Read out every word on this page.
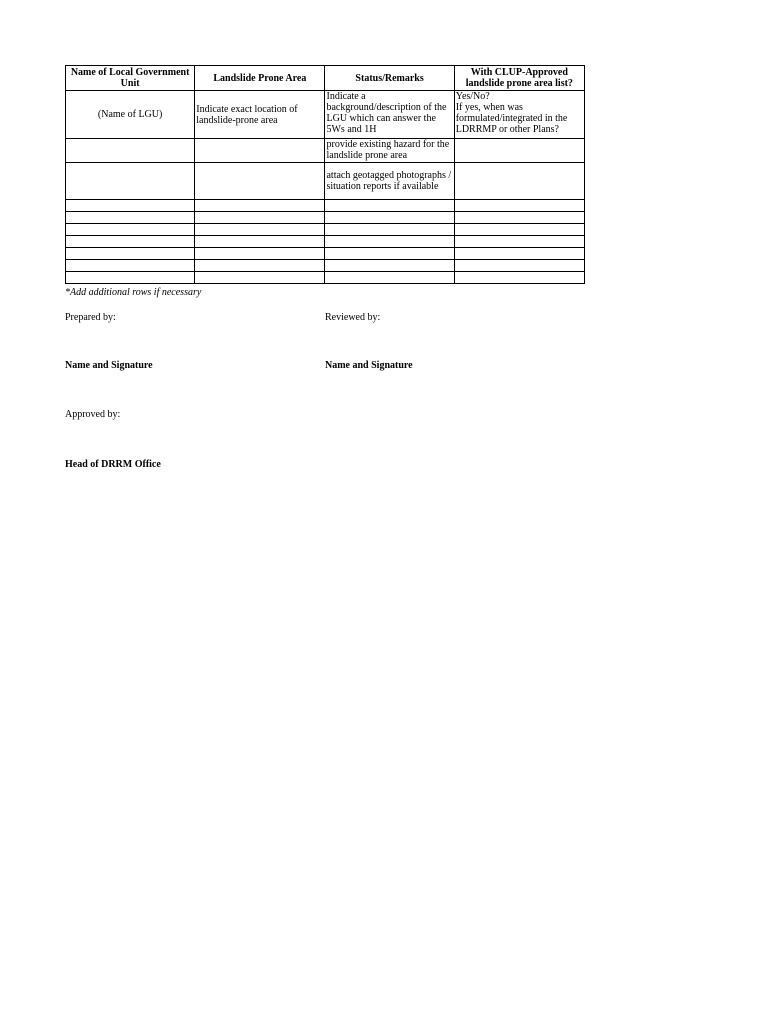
Name of Local Government Unit	Landslide Prone Area	Status/Remarks	With CLUP-Approved landslide prone area list?
(Name of LGU)	Indicate exact location of landslide-prone area	Indicate a background/description of the LGU which can answer the 5Ws and 1H	Yes/No?
If yes, when was formulated/integrated in the LDRRMP or other Plans?

		provide existing hazard for the landslide prone area	
		attach geotagged photographs / situation reports if available	

*Add additional rows if necessary
Prepared by:	Reviewed by:
Name and Signature	Name and Signature
Approved by:
Head of DRRM Office
